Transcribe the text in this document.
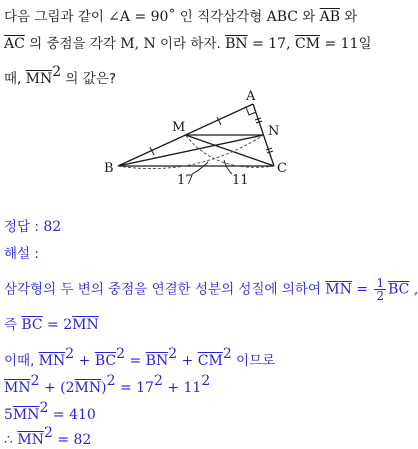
다음 그림과 같이 ∠A = 90˚ 인 직각삼각형 ABC 와 $\overline{AB}$ 와
$\overline{AC}$ 의 중점을 각각 M, N 이라 하자. $\overline{BN} = 17$, $\overline{CM} = 11$일
때, $\overline{MN}^2$ 의 값은?
A
B	C
M	N
17	11
정답 : 82
해설 :
삼각형의 두 변의 중점을 연결한 성분의 성질에 의하여 $\overline{MN} = \frac{1}{2} \overline{BC}$ ,
즉 $\overline{BC} = 2\overline{MN}$
이때, $\overline{MN}^2 + \overline{BC}^2 = \overline{BN}^2 + \overline{CM}^2$ 이므로
$\overline{MN}^2 + (2\overline{MN})^2 = 17^2 + 11^2$
$5\overline{MN}^2 = 410$
∴ $\overline{MN}^2 = 82$
